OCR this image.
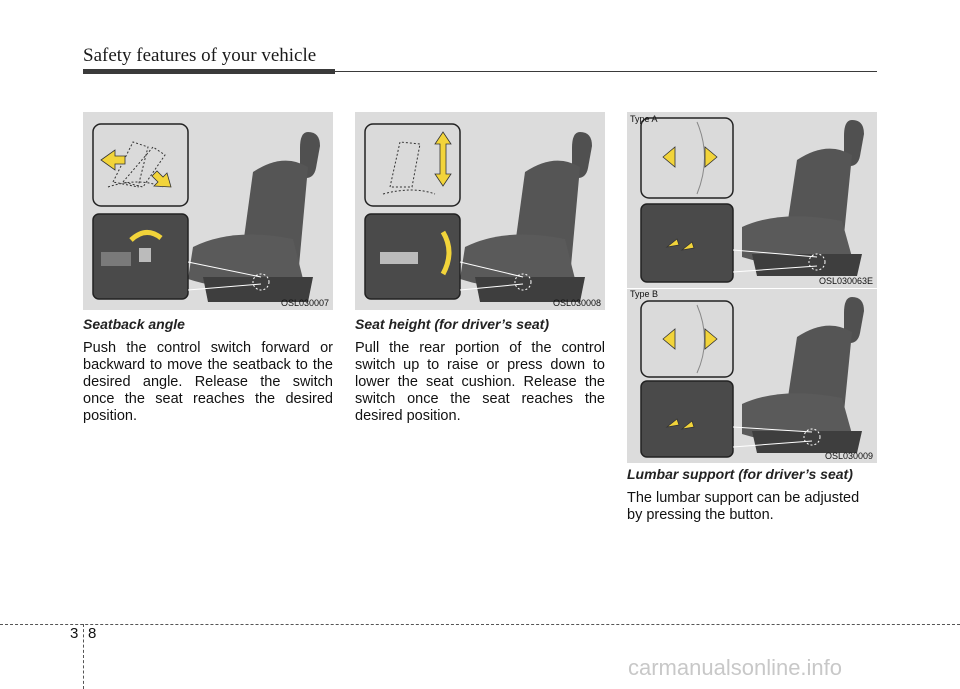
Safety features of your vehicle
OSL030007	OSL030008
Type A
OSL030063E
Type B
OSL030009
Seatback angle
Push the control switch forward or backward to move the seatback to the desired angle. Release the switch once the seat reaches the desired position.
Seat height (for driver’s seat)
Pull the rear portion of the control switch up to raise or press down to lower the seat cushion. Release the switch once the seat reaches the desired position.
Lumbar support (for driver’s seat)
The lumbar support can be adjusted by pressing the button.
3 8
carmanualsonline.info
